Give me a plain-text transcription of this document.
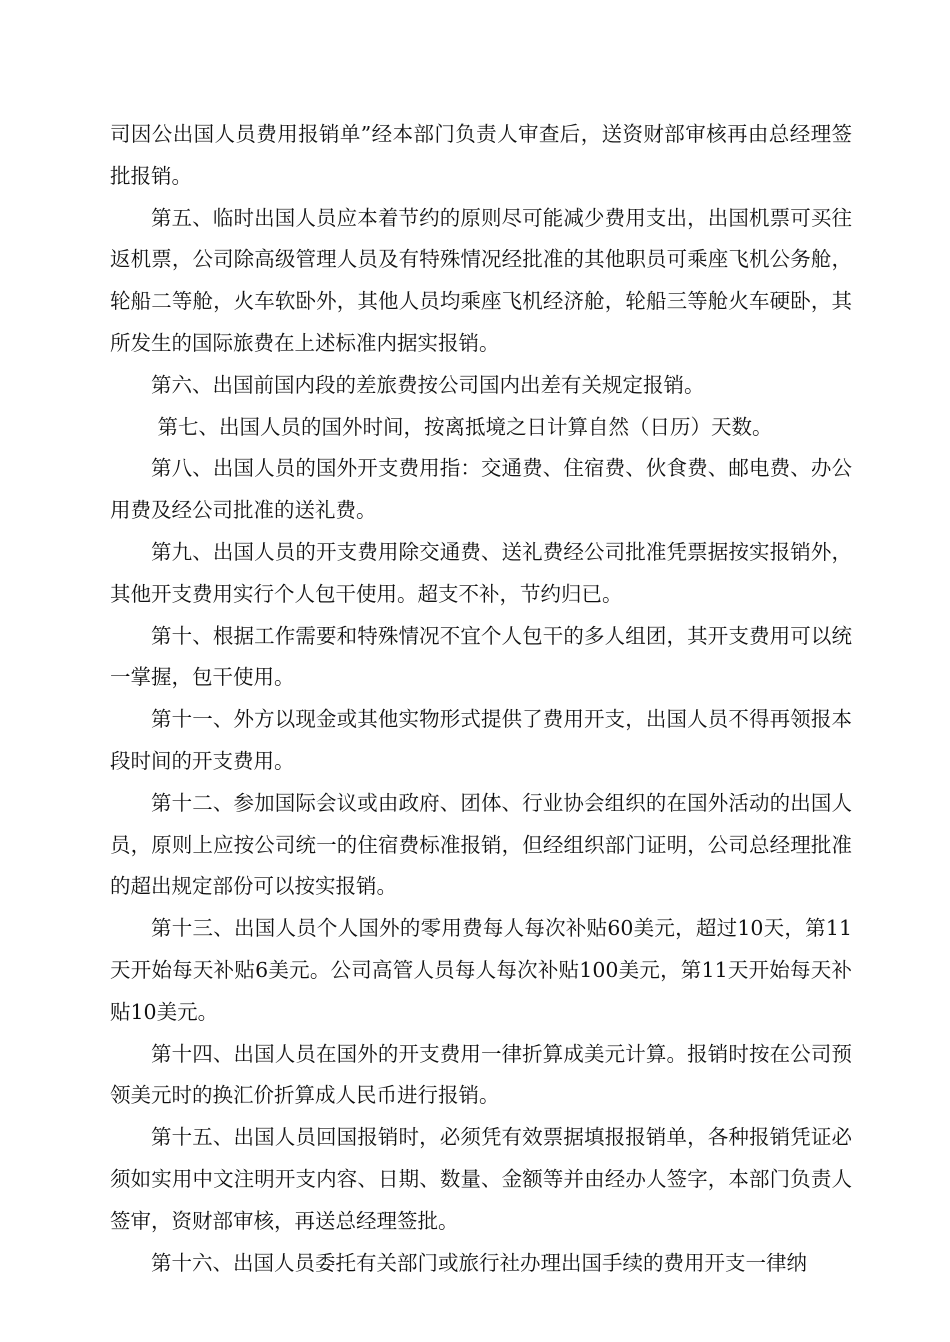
司因公出国人员费用报销单”经本部门负责人审查后，送资财部审核再由总经理签批报销。

第五、临时出国人员应本着节约的原则尽可能减少费用支出，出国机票可买往返机票，公司除高级管理人员及有特殊情况经批准的其他职员可乘座飞机公务舱，轮船二等舱，火车软卧外，其他人员均乘座飞机经济舱，轮船三等舱火车硬卧，其所发生的国际旅费在上述标准内据实报销。

第六、出国前国内段的差旅费按公司国内出差有关规定报销。

第七、出国人员的国外时间，按离抵境之日计算自然（日历）天数。

第八、出国人员的国外开支费用指：交通费、住宿费、伙食费、邮电费、办公用费及经公司批准的送礼费。

第九、出国人员的开支费用除交通费、送礼费经公司批准凭票据按实报销外，其他开支费用实行个人包干使用。超支不补，节约归已。

第十、根据工作需要和特殊情况不宜个人包干的多人组团，其开支费用可以统一掌握，包干使用。

第十一、外方以现金或其他实物形式提供了费用开支，出国人员不得再领报本段时间的开支费用。

第十二、参加国际会议或由政府、团体、行业协会组织的在国外活动的出国人员，原则上应按公司统一的住宿费标准报销，但经组织部门证明，公司总经理批准的超出规定部份可以按实报销。

第十三、出国人员个人国外的零用费每人每次补贴60美元，超过10天，第11天开始每天补贴6美元。公司高管人员每人每次补贴100美元，第11天开始每天补贴10美元。

第十四、出国人员在国外的开支费用一律折算成美元计算。报销时按在公司预领美元时的换汇价折算成人民币进行报销。

第十五、出国人员回国报销时，必须凭有效票据填报报销单，各种报销凭证必须如实用中文注明开支内容、日期、数量、金额等并由经办人签字，本部门负责人签审，资财部审核，再送总经理签批。

第十六、出国人员委托有关部门或旅行社办理出国手续的费用开支一律纳
